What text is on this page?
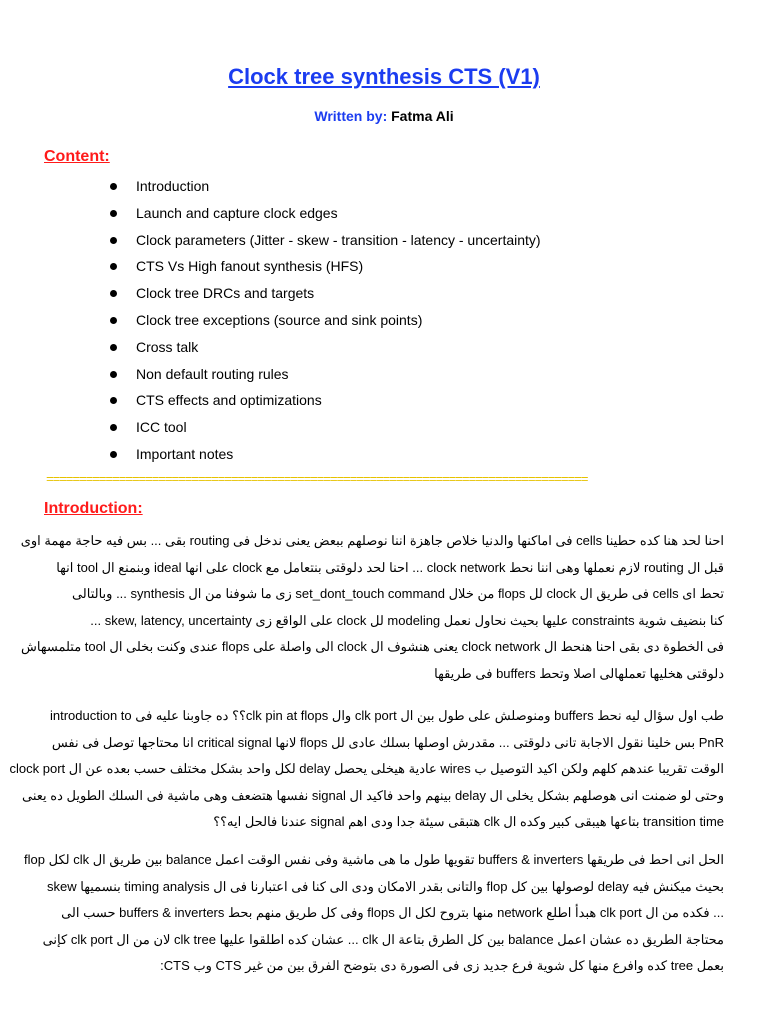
Clock tree synthesis CTS (V1)
Written by: Fatma Ali
Content:
Introduction
Launch and capture clock edges
Clock parameters (Jitter - skew - transition - latency - uncertainty)
CTS Vs High fanout synthesis (HFS)
Clock tree DRCs and targets
Clock tree exceptions (source and sink points)
Cross talk
Non default routing rules
CTS effects and optimizations
ICC tool
Important notes
==================================================================================
Introduction:

احنا لحد هنا كده حطينا cells فى اماكنها والدنيا خلاص جاهزة اننا نوصلهم ببعض يعنى ندخل فى routing بقى ... بس فيه حاجة مهمة اوى
قبل ال routing لازم نعملها وهى اننا نحط clock network ... احنا لحد دلوقتى بنتعامل مع clock على انها ideal وبنمنع ال tool انها
تحط اى cells فى طريق ال clock لل flops من خلال set_dont_touch command زى ما شوفنا من ال synthesis ... وبالتالى
كنا بنضيف شوية constraints عليها بحيث نحاول نعمل modeling لل clock على الواقع زى skew, latency, uncertainty ...
فى الخطوة دى بقى احنا هنحط ال clock network يعنى هنشوف ال clock الى واصلة على flops عندى وكنت بخلى ال tool متلمسهاش
دلوقتى هخليها تعملهالى اصلا وتحط buffers فى طريقها

طب اول سؤال ليه نحط buffers ومنوصلش على طول بين ال clk port وال clk pin at flops؟؟ ده جاوبنا عليه فى introduction to
PnR بس خلينا نقول الاجابة تانى دلوقتى ... مقدرش اوصلها بسلك عادى لل flops لانها critical signal انا محتاجها توصل فى نفس
الوقت تقريبا عندهم كلهم ولكن اكيد التوصيل ب wires عادية هيخلى يحصل delay لكل واحد بشكل مختلف حسب بعده عن ال clock port
وحتى لو ضمنت انى هوصلهم بشكل يخلى ال delay بينهم واحد فاكيد ال signal نفسها هتضعف وهى ماشية فى السلك الطويل ده يعنى
transition time بتاعها هيبقى كبير وكده ال clk هتبقى سيئة جدا ودى اهم signal عندنا فالحل ايه؟؟

الحل انى احط فى طريقها buffers & inverters تقويها طول ما هى ماشية وفى نفس الوقت اعمل balance بين طريق ال clk لكل flop
بحيث ميكنش فيه delay لوصولها بين كل flop والتانى بقدر الامكان ودى الى كنا فى اعتبارنا فى ال timing analysis بنسميها skew
... فكده من ال clk port هبدأ اطلع network منها بتروح لكل ال flops وفى كل طريق منهم بحط buffers & inverters حسب الى
محتاجة الطريق ده عشان اعمل balance بين كل الطرق بتاعة ال clk ... عشان كده اطلقوا عليها clk tree لان من ال clk port كإنى
بعمل tree كده وافرع منها كل شوية فرع جديد زى فى الصورة دى بتوضح الفرق بين من غير CTS وب CTS:
